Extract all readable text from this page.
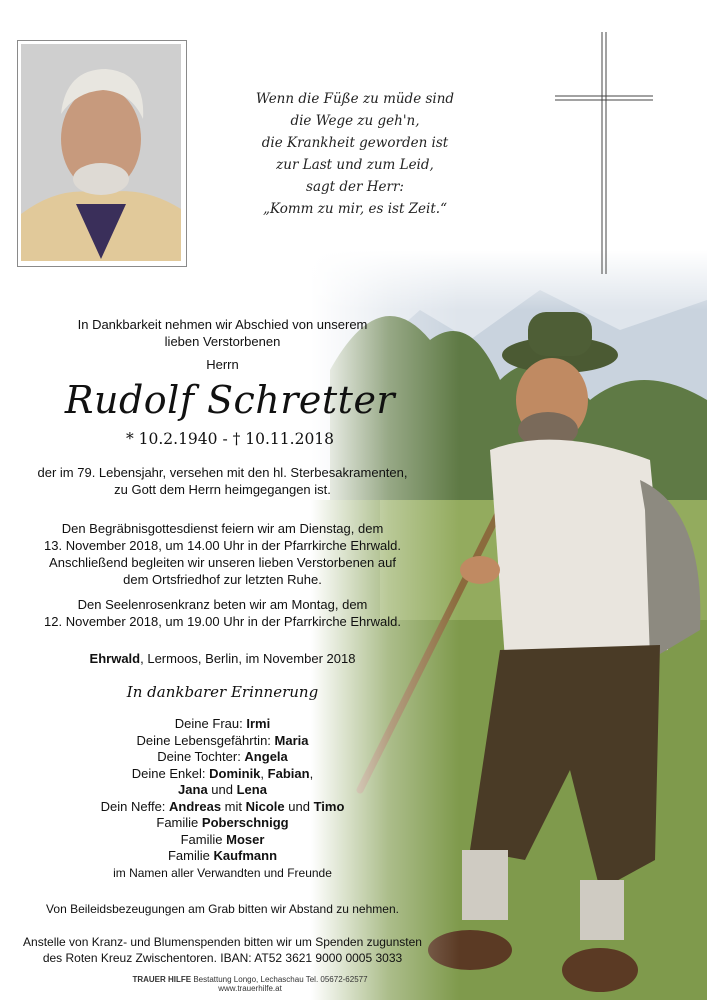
Wenn die Füße zu müde sind
die Wege zu geh'n,
die Krankheit geworden ist
zur Last und zum Leid,
sagt der Herr:
„Komm zu mir, es ist Zeit.“
In Dankbarkeit nehmen wir Abschied von unserem
lieben Verstorbenen
Herrn
Rudolf Schretter
* 10.2.1940 - † 10.11.2018
der im 79. Lebensjahr, versehen mit den hl. Sterbesakramenten,
zu Gott dem Herrn heimgegangen ist.
Den Begräbnisgottesdienst feiern wir am Dienstag, dem
13. November 2018, um 14.00 Uhr in der Pfarrkirche Ehrwald.
Anschließend begleiten wir unseren lieben Verstorbenen auf
dem Ortsfriedhof zur letzten Ruhe.
Den Seelenrosenkranz beten wir am Montag, dem
12. November 2018, um 19.00 Uhr in der Pfarrkirche Ehrwald.
Ehrwald, Lermoos, Berlin, im November 2018
In dankbarer Erinnerung
Deine Frau: Irmi
Deine Lebensgefährtin: Maria
Deine Tochter: Angela
Deine Enkel: Dominik, Fabian,
Jana und Lena
Dein Neffe: Andreas mit Nicole und Timo
Familie Poberschnigg
Familie Moser
Familie Kaufmann
im Namen aller Verwandten und Freunde
Von Beileidsbezeugungen am Grab bitten wir Abstand zu nehmen.
Anstelle von Kranz- und Blumenspenden bitten wir um Spenden zugunsten
des Roten Kreuz Zwischentoren. IBAN: AT52 3621 9000 0005 3033
TRAUER HILFE Bestattung Longo, Lechaschau Tel. 05672-62577 www.trauerhilfe.at
